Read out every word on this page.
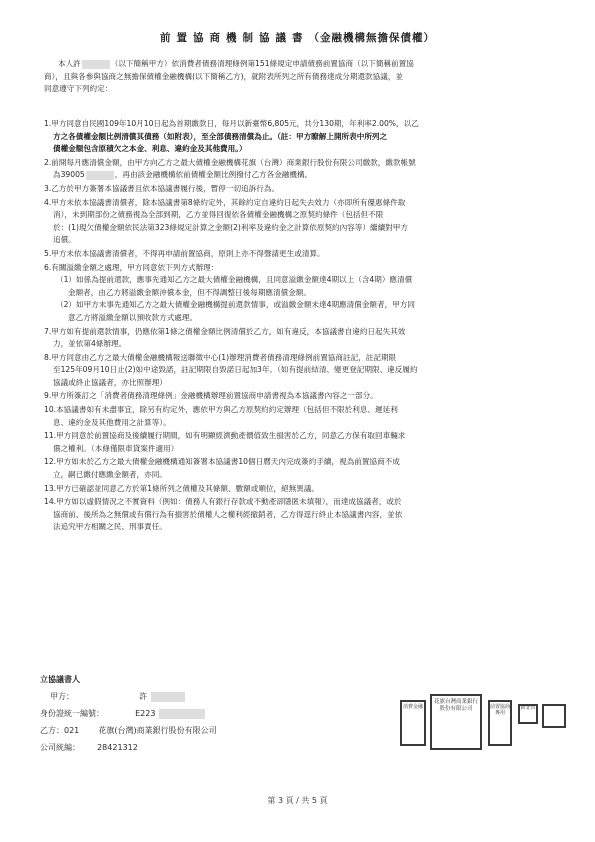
前置協商機制協議書（金融機構無擔保債權）
本人許	（以下簡稱甲方）依消費者債務清理條例第151條規定申請債務前置協商（以下簡稱前置協
商），且與各參與協商之無擔保債權金融機構(以下簡稱乙方)，就附表所列之所有債務達成分期還款協議，並
同意遵守下列約定：
1.甲方同意自民國109年10月10日起為首期繳款日，每月以新臺幣6,805元，共分130期，年利率2.00%，以乙
方之各債權金額比例清償其債務（如附表），至全部債務清償為止。（註：甲方瞭解上開所表中所列之
債權金額包含原積欠之本金、利息、違約金及其他費用。）
2.前開每月應清償金額，由甲方向乙方之最大債權金融機構花旗（台灣）商業銀行股份有限公司繳款，繳款帳號
為39005	，再由該金融機構依前債權金額比例撥付乙方各金融機構。
3.乙方於甲方簽署本協議書且依本協議書履行後，暫停一切追訴行為。
4.甲方未依本協議書清償者，除本協議書第8條約定外，其餘約定自違約日起失去效力（亦即所有優惠條件取
消），未到期部份之債務視為全部到期，乙方並得回復依各債權金融機構之原契約條件（包括但不限
於：(1)現欠債權金額依民法第323條規定計算之金額(2)利率及違約金之計算依原契約內容等）繼續對甲方
追償。
5.甲方未依本協議書清償者，不得再申請前置協商，原則上亦不得聲請更生或清算。
6.有關溢繳金額之處理，甲方同意依下列方式辦理：
（1）如係為提前還款，應事先通知乙方之最大債權金融機構，且同意溢繳金額達4期以上（含4期）應清償
金額者，由乙方將溢繳金額沖償本金，但不得調整日後每期應清償金額。
（2）如甲方未事先通知乙方之最大債權金融機構提前還款情事，或溢繳金額未達4期應清償金額者，甲方同
意乙方將溢繳金額以預收款方式處理。
7.甲方如有提前還款情事，仍應依第1條之債權金額比例清償於乙方，如有違反，本協議書自違約日起失其效
力，並依第4條辦理。
8.甲方同意由乙方之最大債權金融機構報送聯徵中心(1)辦理消費者債務清理條例前置協商註記，註記期限
至125年09月10日止(2)如中途毀諾，註記期限自毀諾日起加3年。（如有提前結清、變更登記期限、違反履約
協議或終止協議者，亦比照辦理）
9.甲方所簽訂之「消費者債務清理條例」金融機構辦理前置協商申請書視為本協議書內容之一部分。
10.本協議書如有未盡事宜，除另有約定外，應依甲方與乙方原契約約定辦理（包括但不限於利息、遲延利
息、違約金及其他費用之計算等）。
11.甲方同意於前置協商及後續履行期間，如有明顯經濟動產價值致生損害於乙方，同意乙方保有取回車輛求
償之權利。（本條僅限車貸案件適用）
12.甲方如未於乙方之最大債權金融機構通知簽署本協議書10個日曆天內完成簽約手續，視為前置協商不成
立，嗣已繳付應繳金額者，亦同。
13.甲方已確認並同意乙方於第1條所列之債權及其條額、數額或順位，絕無異議。
14.甲方如以虛假情況之不實資料（例如：債務人有銀行存款或不動產卻隱匿未填報），而達成協議者，或於
協商前、後所為之無償或有償行為有損害於債權人之權利經撤銷者，乙方得逕行終止本協議書內容，並依
法追究甲方相關之民、刑事責任。
立協議書人
甲方：	許
身份證統一編號：	E223
乙方：021 花旗(台灣)商業銀行股份有限公司
公司統編： 28421312
消費金融
花旗台灣商業銀行股份有限公司	前置協商專用
新北市
第 3 頁 / 共 5 頁
